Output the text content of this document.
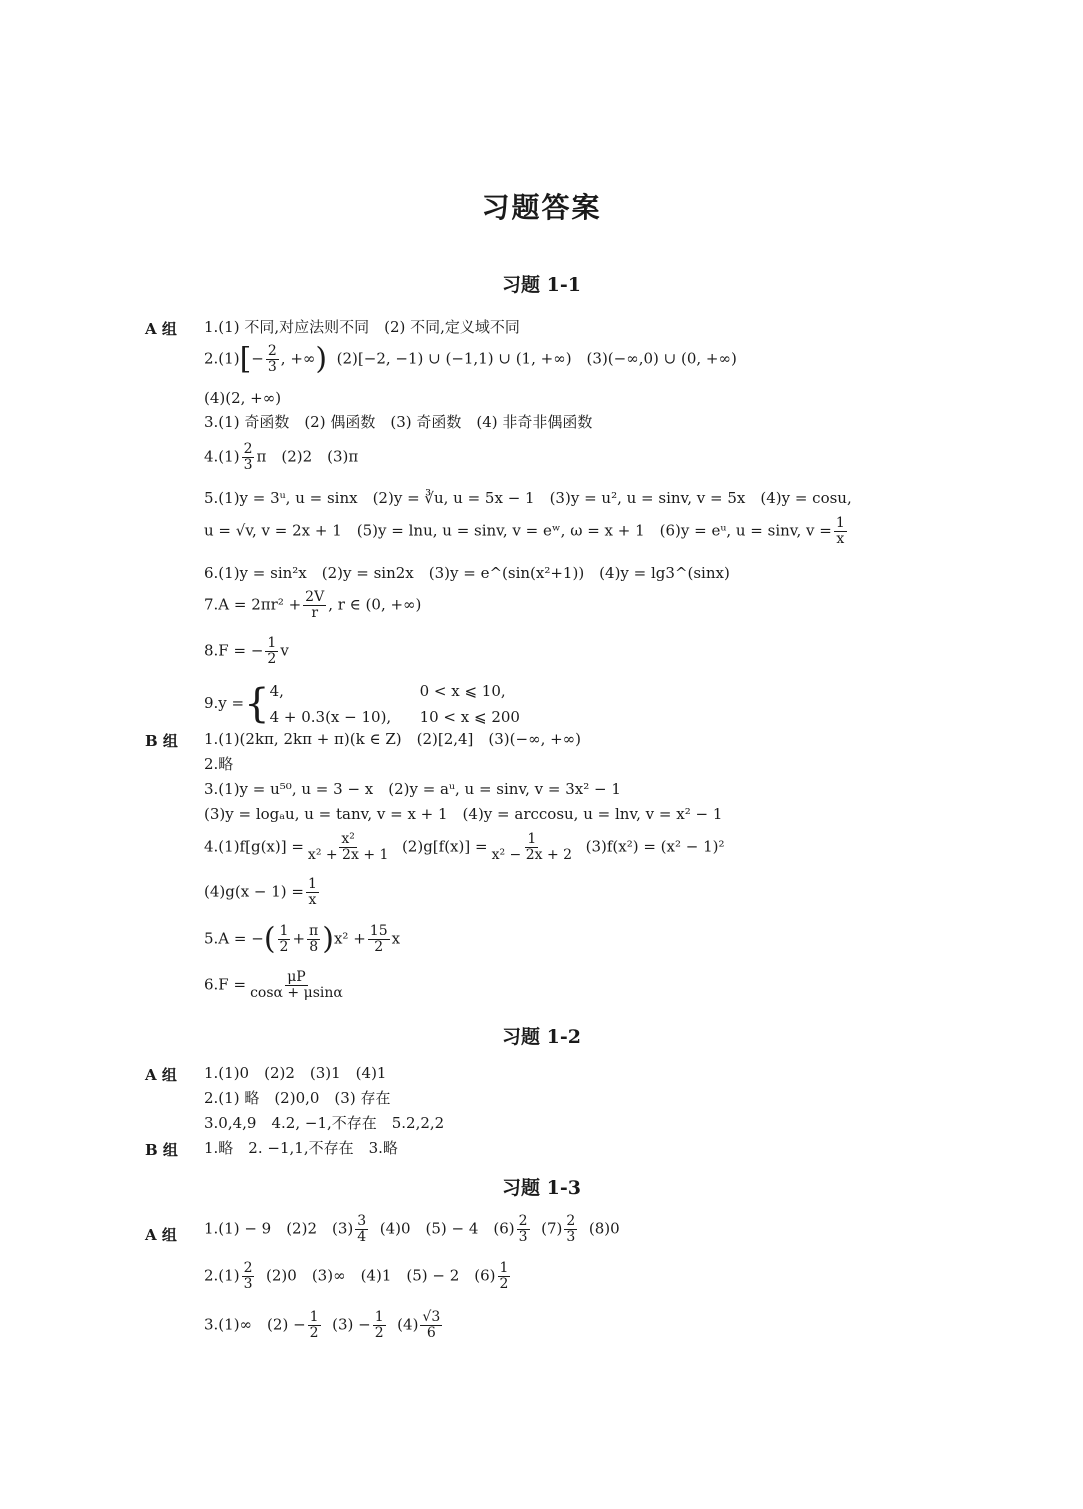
习题答案
习题 1-1
A 组 1.(1) 不同,对应法则不同　(2) 不同,定义域不同
$2.(1)[- \frac{2}{3}$ , +∞) (2)[−2, −1) ∪ (−1,1) ∪ (1, +∞)　(3)(−∞,0) ∪ (0, +∞)
(4)(2, +∞)
3.(1) 奇函数　(2) 偶函数　(3) 奇函数　(4) 非奇非偶函数
$4.(1) \frac{2}{3}$ π　(2)2　(3)π
5.(1)y = 3ᵘ, u = sinx　(2)y = ∛u, u = 5x − 1　(3)y = u², u = sinv, v = 5x　(4)y = cosu,
u = √v, v = 2x + 1　(5)y = lnu, u = sinv, v = eʷ, ω = x + 1　(6)y = eᵘ, u = sinv, $v = \frac{1}{x}$
6.(1)y = sin²x　(2)y = sin2x　(3)y = e^(sin(x²+1))　(4)y = lg3^(sinx)
$7.A = 2\pi r^2 + \frac{2V}{r}$ , r ∈ (0, +∞)
8.F = − $\frac{1}{2}$ v
9.y ={4,	0 < x ⩽ 10,
4 + 0.3(x − 10), 10 < x ⩽ 200
B 组 1.(1)(2kπ, 2kπ + π)(k ∈ Z)　(2)[2,4]　(3)(−∞, +∞)
2.略
3.(1)y = u⁵⁰, u = 3 − x　(2)y = aᵘ, u = sinv, v = 3x² − 1
(3)y = logₐu, u = tanv, v = x + 1　(4)y = arccosu, u = lnv, v = x² − 1
$4.(1)f[g(x)] = \frac{\text{x²}}{\text{x² + 2x + 1}} (2)g[f(x)] = \frac{1}{\text{x² − 2x + 2}} (3)f(x^2) = (x^2 - 1)^2$
$(4)g(x - 1) = \frac{1}{x}$
5.A = −( $\frac{1}{2} + \frac{\pi}{8} )x^2 + \frac{15}{2}$ x
$6.F = \frac{\mu P}{\cos\alpha + \mu\sin\alpha}$
习题 1-2
A 组 1.(1)0　(2)2　(3)1　(4)1
2.(1) 略　(2)0,0　(3) 存在
3.0,4,9　4.2, −1,不存在　5.2,2,2
B 组 1.略　2. −1,1,不存在　3.略
习题 1-3
A 组 1.(1) − 9　(2)2　$(3) \frac{3}{4} (4)0$　(5) − 4　$(6) \frac{2}{3} (7) \frac{2}{3} (8)0$
$2.(1) \frac{2}{3} (2)0$　(3)∞　(4)1　(5) − 2　$(6) \frac{1}{2}$
3.(1)∞　$(2) - \frac{1}{2} (3) - \frac{1}{2} (4) \frac{√3}{6}$
